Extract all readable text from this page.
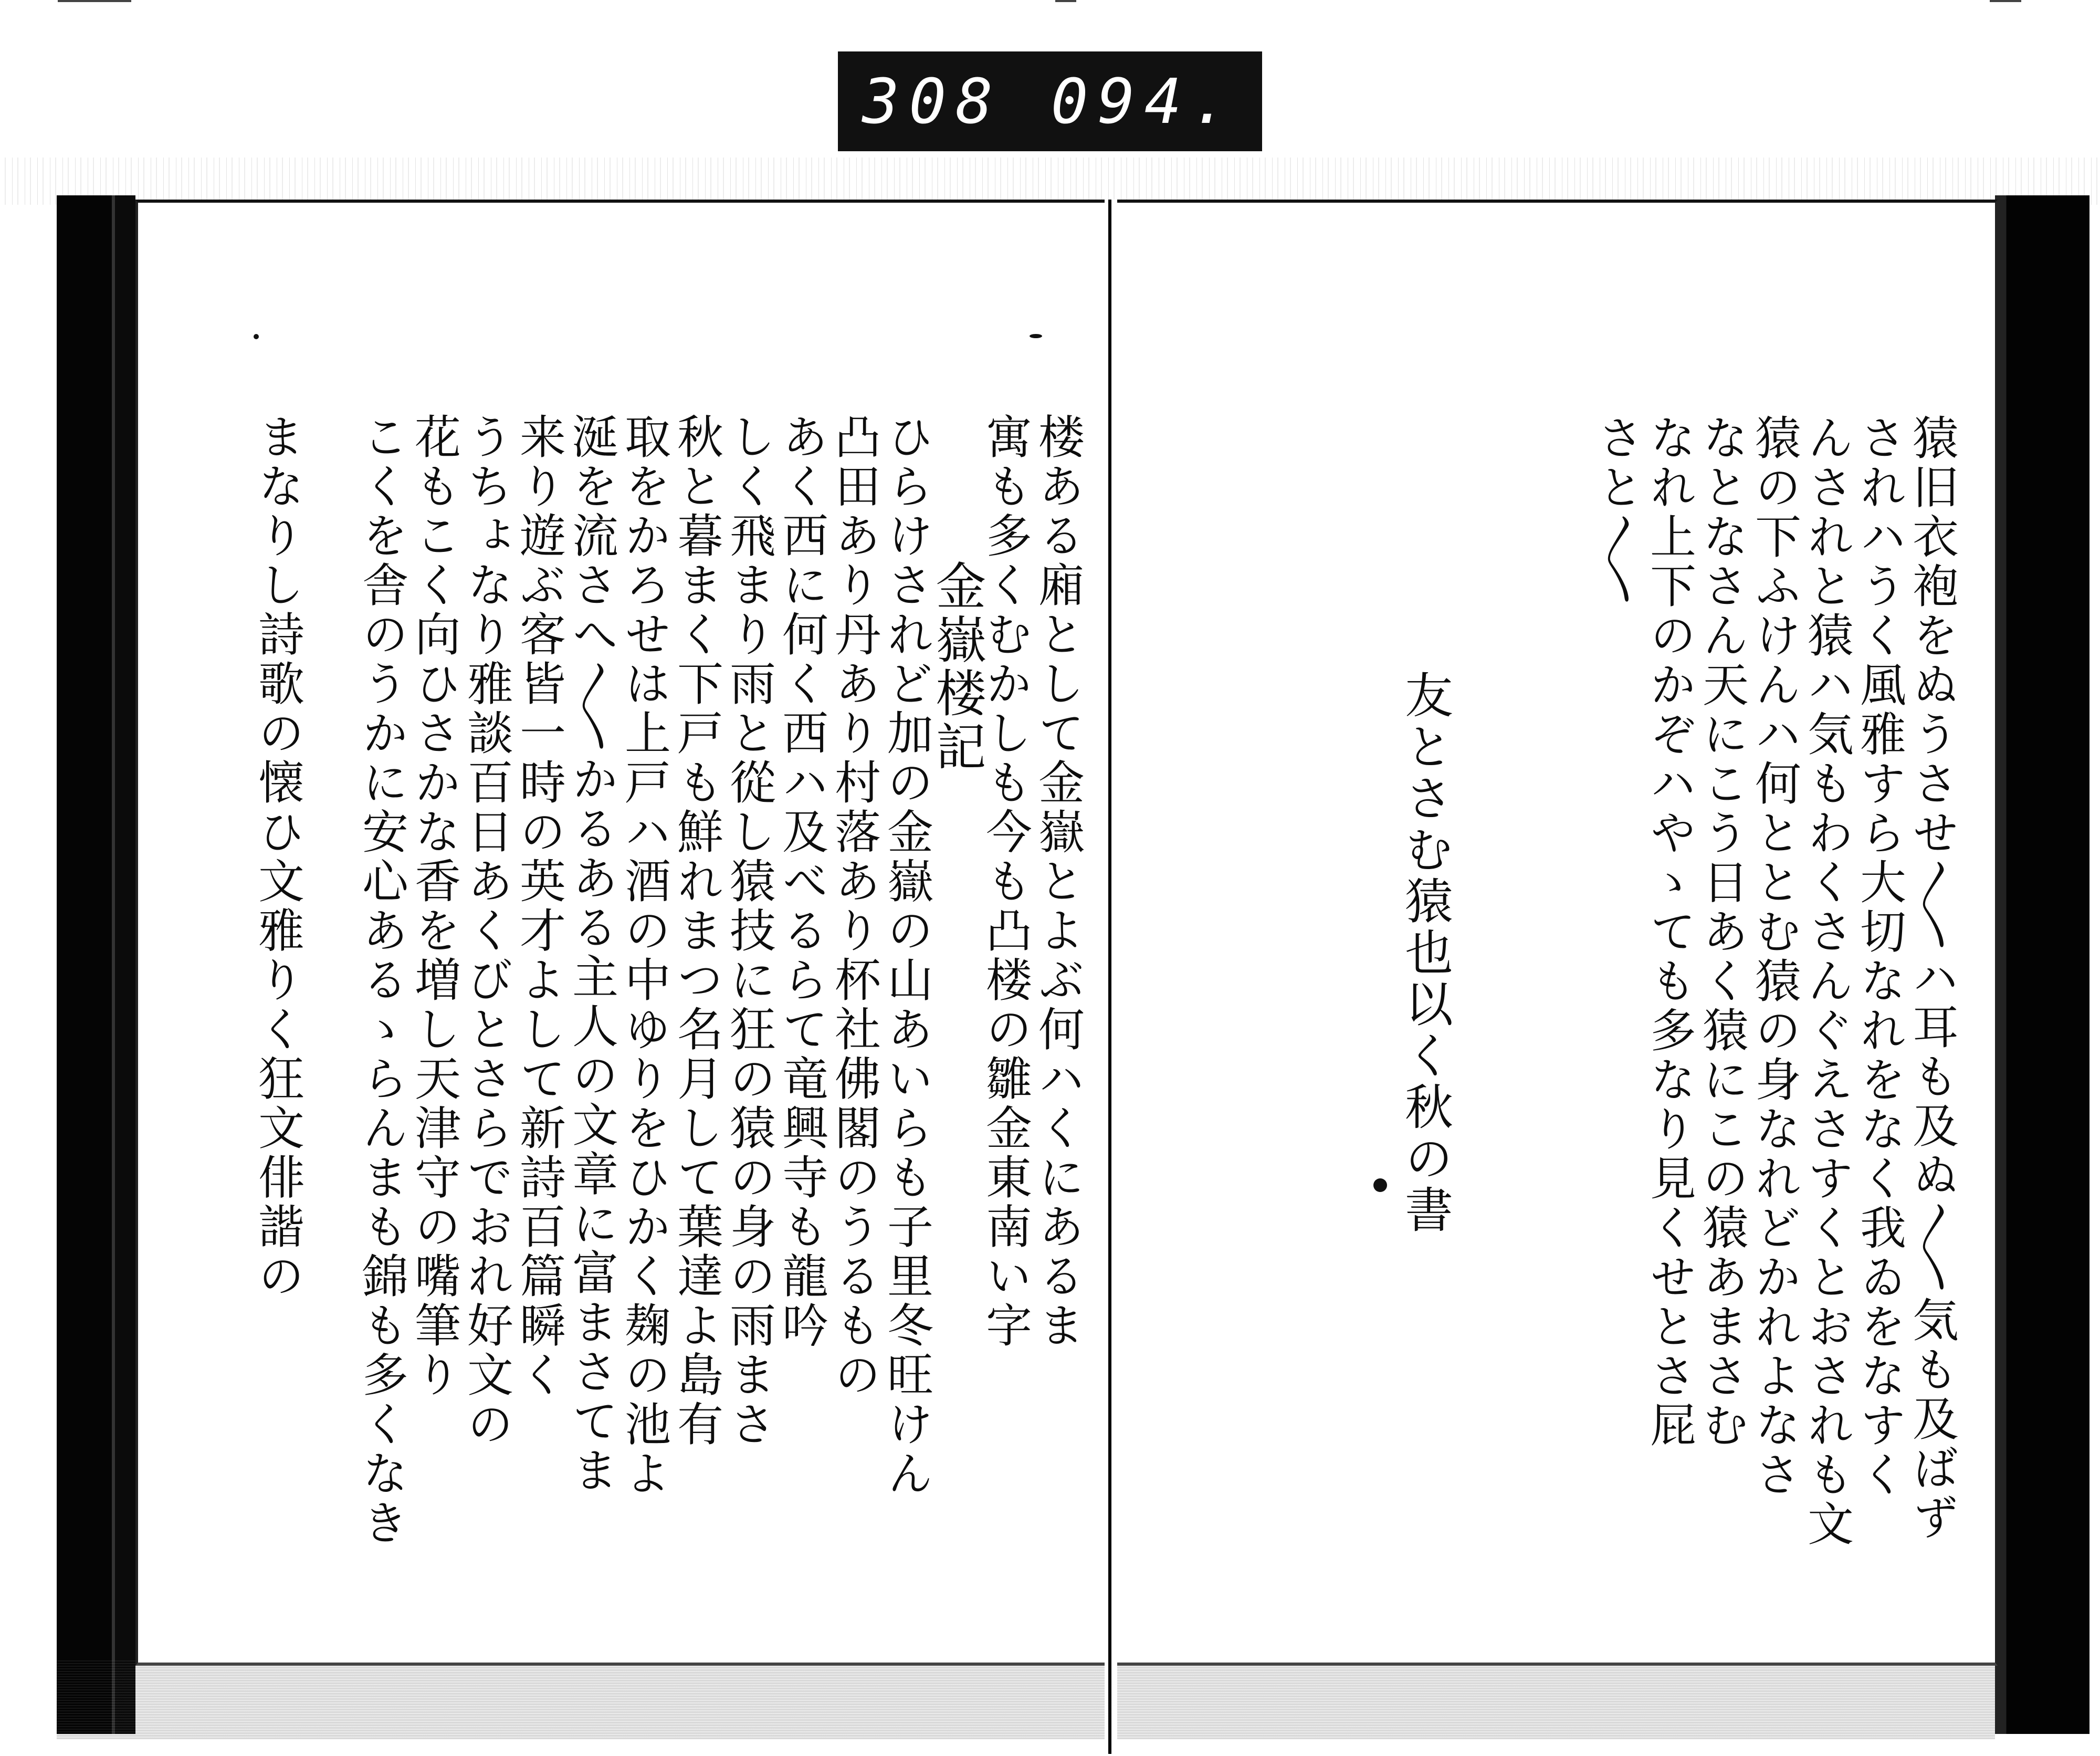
308 094.
金嶽楼記 楼ある廂として金嶽とよぶ何ハくにあるま
寓も多くむかしも今も凸楼の雛金東南い字
ひらけされど加の金嶽の山あいらも子里冬旺けん
凸田あり丹あり村落あり杯社佛閣のうるもの
あく西に何く西ハ及べるらて竜興寺も龍吟
しく飛まり雨と從し猿技に狂の猿の身の雨まさ
秋と暮まく下戸も鮮れまつ名月して葉達よ島有
取をかろせは上戸ハ酒の中ゆりをひかく麹の池よ
涎を流さへ〳〵かるある主人の文章に富まさてま
来り遊ぶ客皆一時の英才よして新詩百篇瞬く
うちょなり雅談百日あくびとさらでおれ好文の
花もこく向ひさかな香を増し天津守の嘴筆り
こくを舎のうかに安心あるゝらんまも錦も多くなき
まなりし詩歌の懐ひ文雅りく狂文俳諧の	猿旧衣袍をぬうさせ〳〵ハ耳も及ぬ〳〵気も及ばず
されハうく風雅すら大切なれをなく我ゐをなすく
んされと猿ハ気もわくさんぐえさすくとおされも文
猿の下ふけんハ何ととむ猿の身なれどかれよなさ
なとなさん天にこう日あく猿にこの猿あまさむ
なれ上下のかぞハやゝても多なり見くせとさ屁
さと〳〵
友とさむ猿也以く秋の書
